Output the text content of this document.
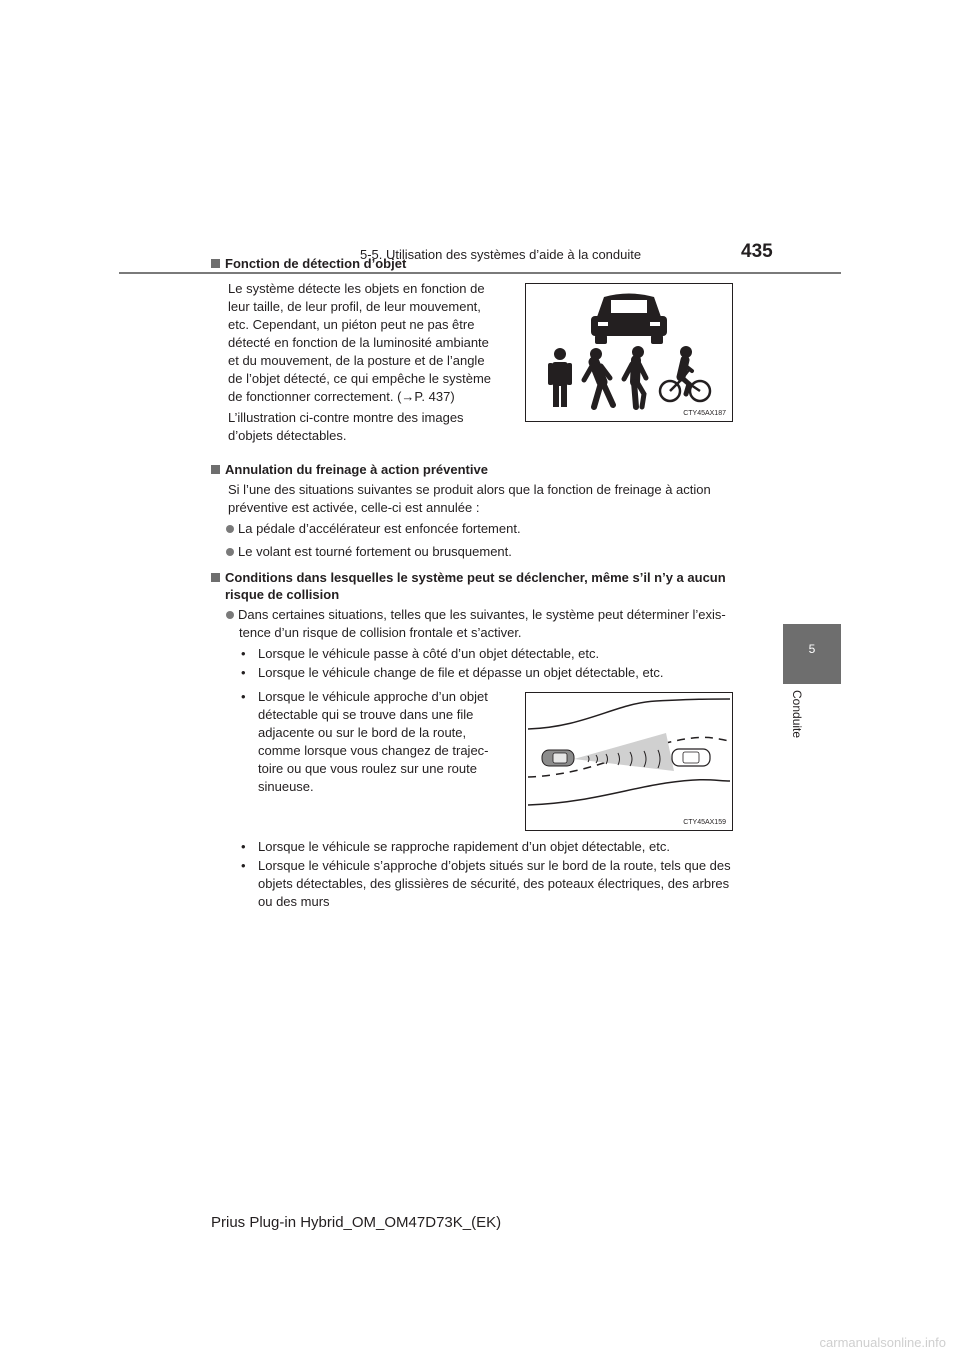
5-5. Utilisation des systèmes d’aide à la conduite	435
5
Conduite
Fonction de détection d’objet
Le système détecte les objets en fonction de
leur taille, de leur profil, de leur mouvement,
etc. Cependant, un piéton peut ne pas être
détecté en fonction de la luminosité ambiante
et du mouvement, de la posture et de l’angle
de l’objet détecté, ce qui empêche le système
de fonctionner correctement. (→P. 437)
L’illustration ci-contre montre des images
d’objets détectables.
CTY45AX187
Annulation du freinage à action préventive
Si l’une des situations suivantes se produit alors que la fonction de freinage à action
préventive est activée, celle-ci est annulée :
La pédale d’accélérateur est enfoncée fortement.
Le volant est tourné fortement ou brusquement.
Conditions dans lesquelles le système peut se déclencher, même s’il n’y a aucun
risque de collision
Dans certaines situations, telles que les suivantes, le système peut déterminer l’exis-
tence d’un risque de collision frontale et s’activer.
• Lorsque le véhicule passe à côté d’un objet détectable, etc.
• Lorsque le véhicule change de file et dépasse un objet détectable, etc.
• Lorsque le véhicule approche d’un objet
détectable qui se trouve dans une file
adjacente ou sur le bord de la route,
comme lorsque vous changez de trajec-
toire ou que vous roulez sur une route
sinueuse.
CTY45AX159
• Lorsque le véhicule se rapproche rapidement d’un objet détectable, etc.
• Lorsque le véhicule s’approche d’objets situés sur le bord de la route, tels que des
objets détectables, des glissières de sécurité, des poteaux électriques, des arbres
ou des murs
Prius Plug-in Hybrid_OM_OM47D73K_(EK)
carmanualsonline.info
